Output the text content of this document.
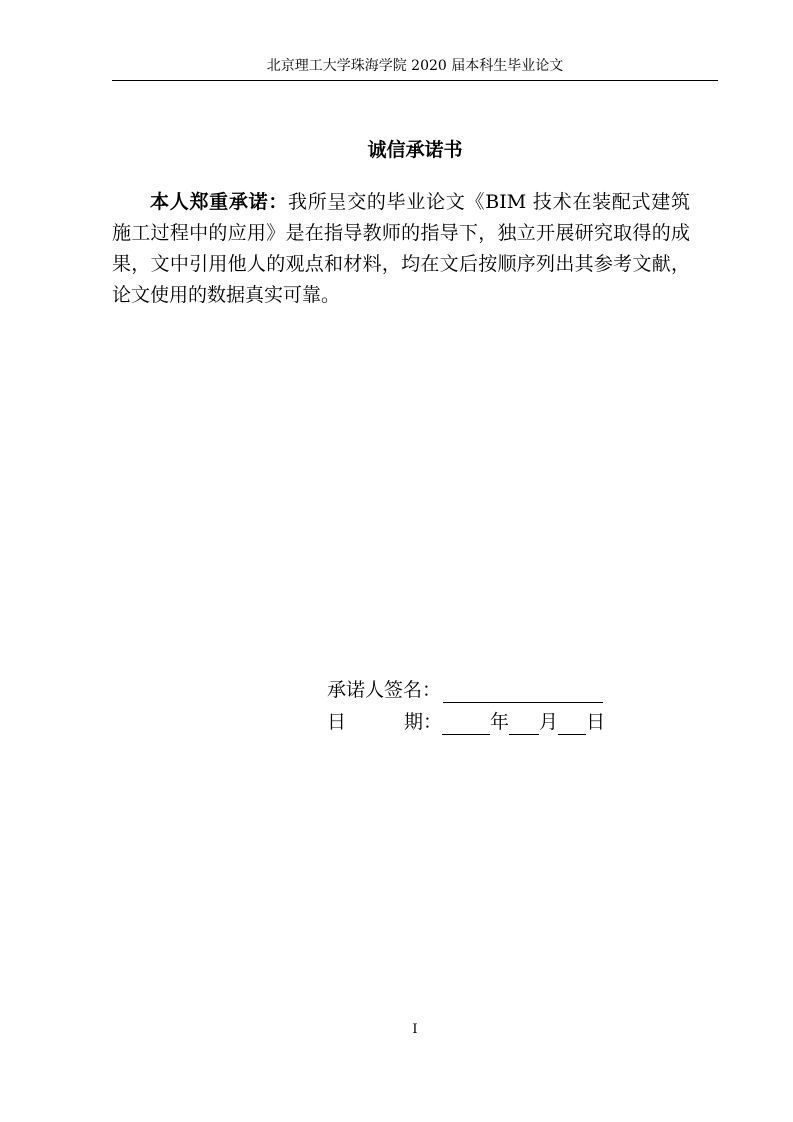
北京理工大学珠海学院 2020 届本科生毕业论文
诚信承诺书

本人郑重承诺：我所呈交的毕业论文《BIM 技术在装配式建筑施工过程中的应用》是在指导教师的指导下，独立开展研究取得的成果，文中引用他人的观点和材料，均在文后按顺序列出其参考文献，论文使用的数据真实可靠。

承诺人签名：
日	期：	年 月 日
I
